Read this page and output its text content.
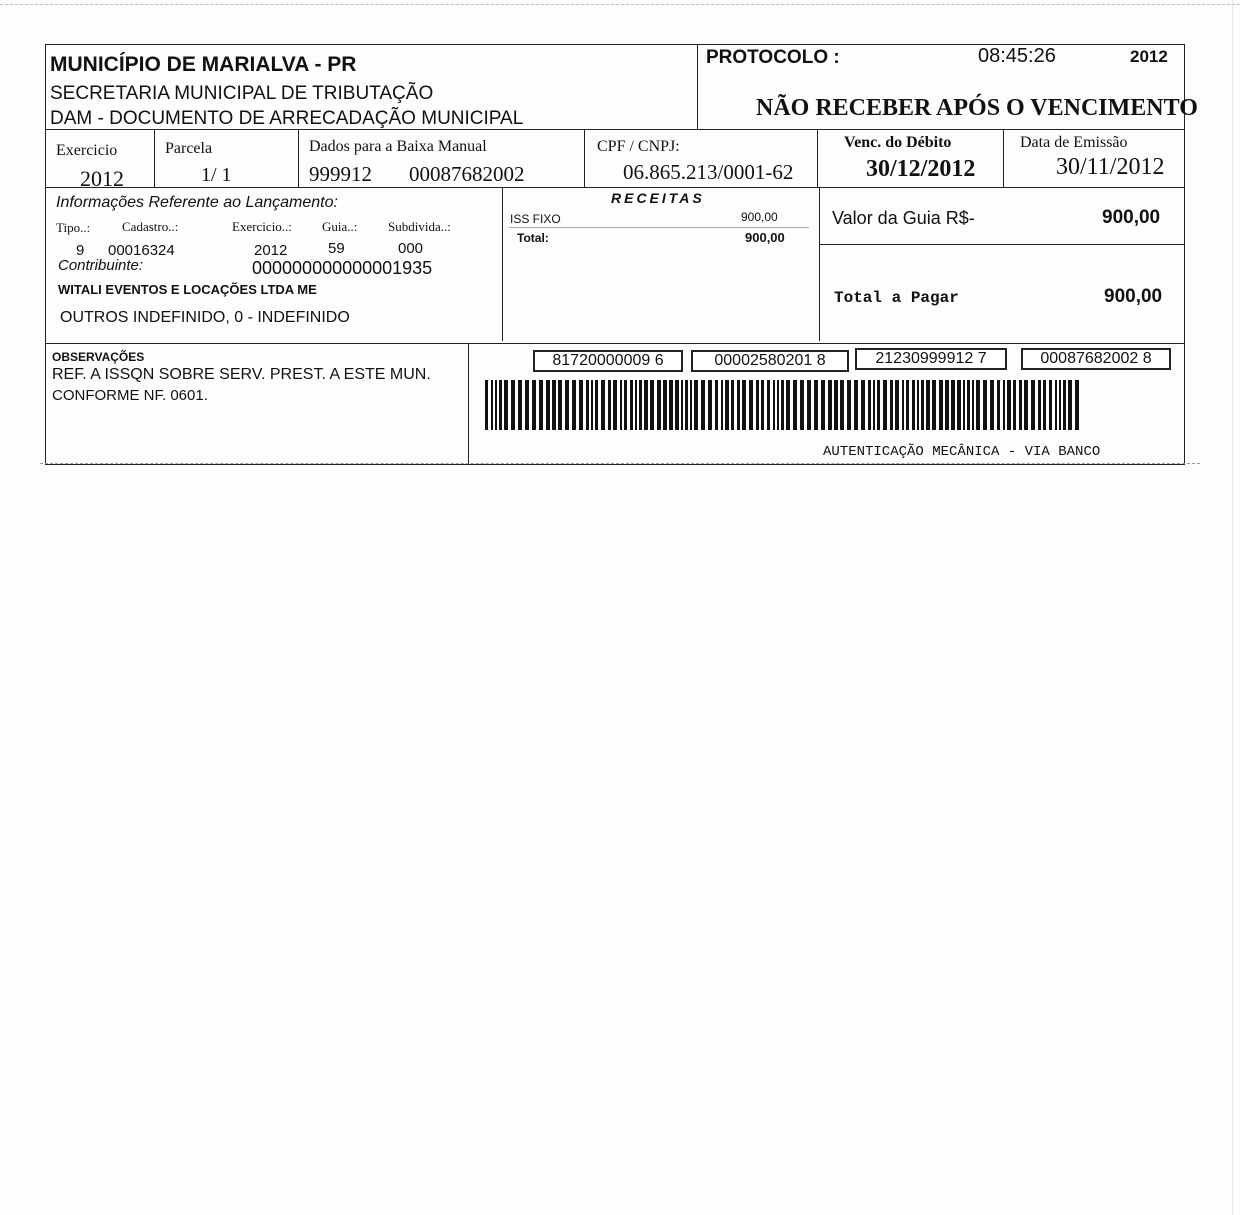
MUNICÍPIO DE MARIALVA - PR
SECRETARIA MUNICIPAL DE TRIBUTAÇÃO
DAM - DOCUMENTO DE ARRECADAÇÃO MUNICIPAL
PROTOCOLO :	08:45:26	2012
NÃO RECEBER APÓS O VENCIMENTO
Exercicio
2012
Parcela
1/ 1
Dados para a Baixa Manual
999912 00087682002
CPF / CNPJ:
06.865.213/0001-62
Venc. do Débito
30/12/2012
Data de Emissão
30/11/2012
Informações Referente ao Lançamento:
Tipo..: Cadastro..:	Exercicio..: Guia..: Subdivida..:
9 00016324	2012	59	000
Contribuinte:	000000000000001935
WITALI EVENTOS E LOCAÇÕES LTDA ME
OUTROS INDEFINIDO, 0 - INDEFINIDO
RECEITAS
ISS FIXO	900,00
Total:	900,00
Valor da Guia R$-	900,00
Total a Pagar	900,00
OBSERVAÇÕES
REF. A ISSQN SOBRE SERV. PREST. A ESTE MUN.
CONFORME NF. 0601.
81720000009 6	00002580201 8	21230999912 7	00087682002 8
AUTENTICAÇÃO MECÂNICA - VIA BANCO
